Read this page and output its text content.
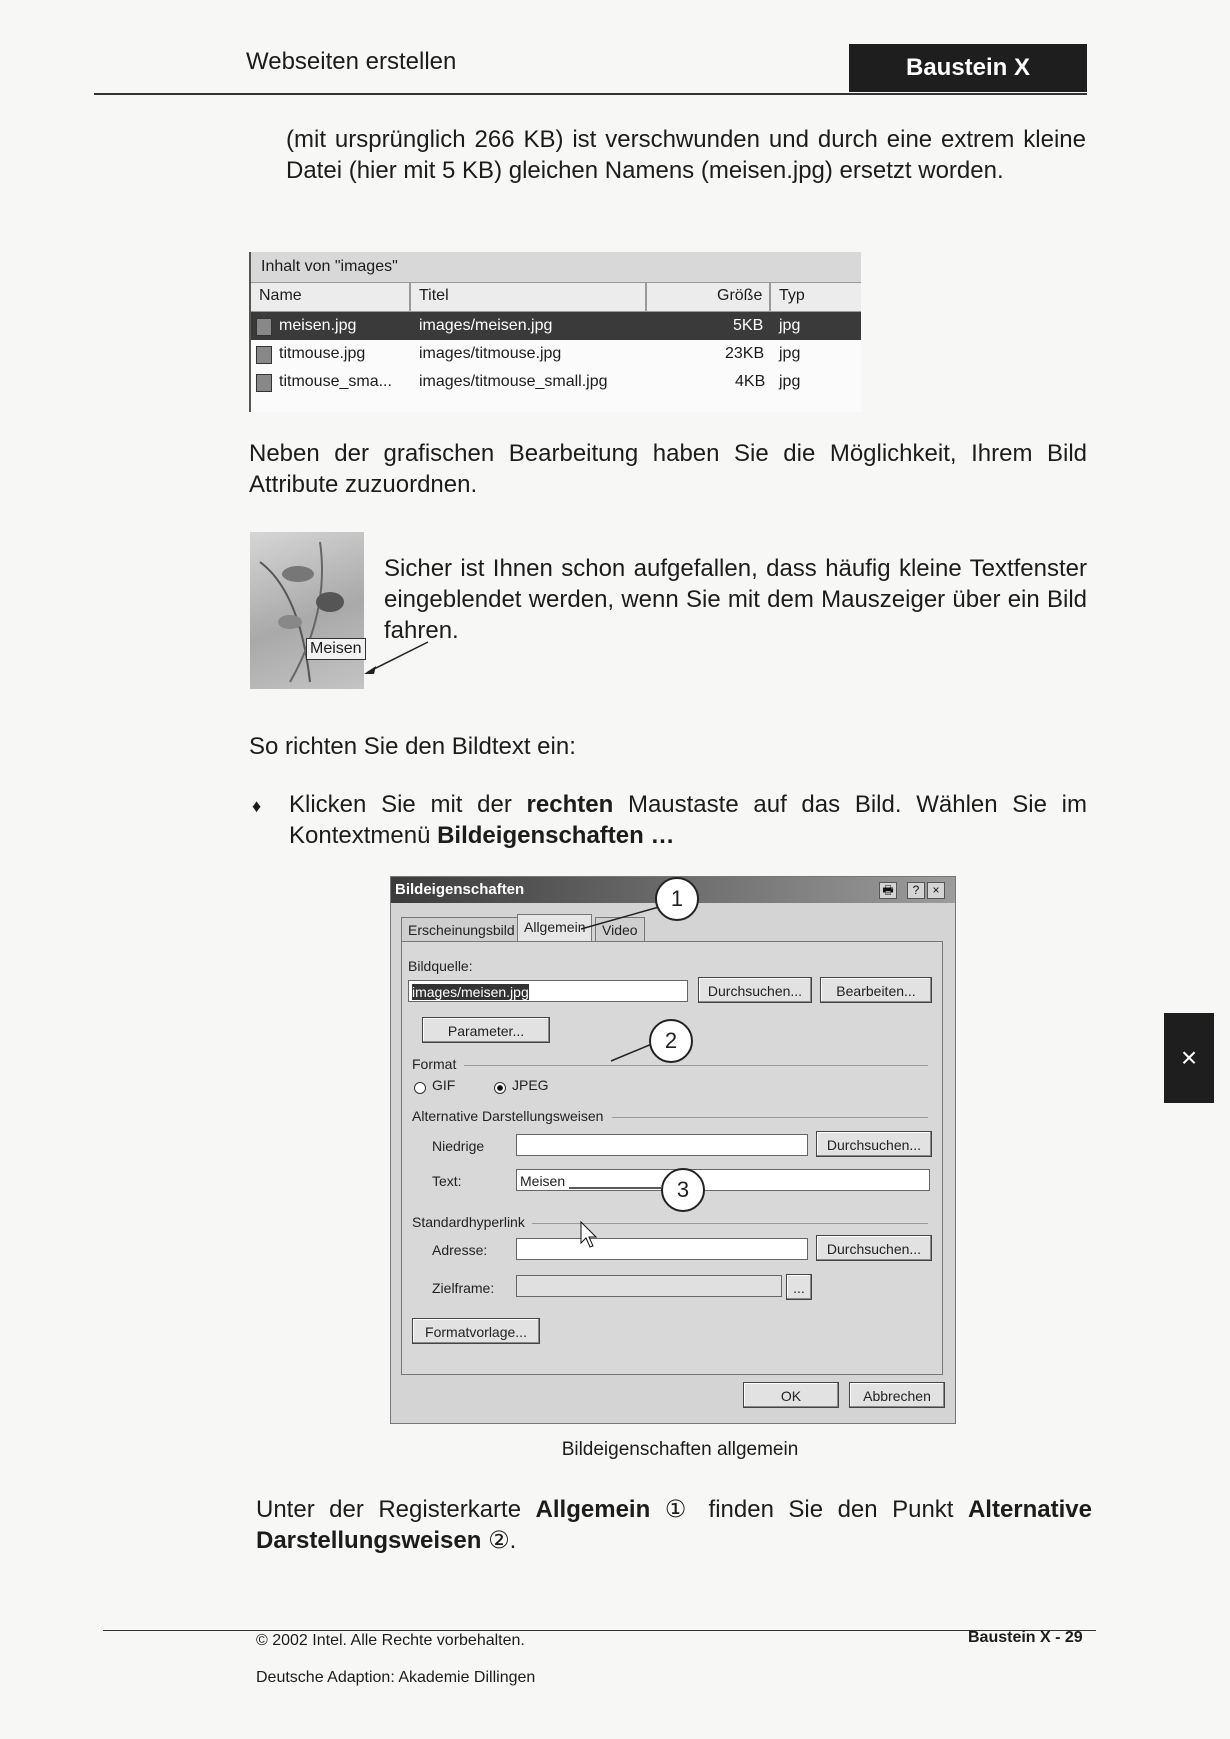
Webseiten erstellen	Baustein X

(mit ursprünglich 266 KB) ist verschwunden und durch eine extrem kleine Datei (hier mit 5 KB) gleichen Namens (meisen.jpg) ersetzt worden.

Inhalt von "images"
Name	Titel	Größe Typ
meisen.jpg	images/meisen.jpg	5KB jpg
titmouse.jpg	images/titmouse.jpg	23KB jpg
titmouse_sma... images/titmouse_small.jpg	4KB jpg

Neben der grafischen Bearbeitung haben Sie die Möglichkeit, Ihrem Bild Attribute zuzuordnen.

Meisen

Sicher ist Ihnen schon aufgefallen, dass häufig kleine Textfenster eingeblendet werden, wenn Sie mit dem Mauszeiger über ein Bild fahren.

So richten Sie den Bildtext ein:

♦ Klicken Sie mit der rechten Maustaste auf das Bild. Wählen Sie im Kontextmenü Bildeigenschaften …

Bildeigenschaften	🖶	?	×
Erscheinungsbild Allgemein	Video
Bildquelle:
images/meisen.jpg	Durchsuchen...	Bearbeiten...
Parameter...
Format
GIF	JPEG
Alternative Darstellungsweisen
Niedrige	Durchsuchen...
Text:	Meisen
Standardhyperlink
Adresse:	Durchsuchen...
Zielframe:	...
Formatvorlage...
OK	Abbrechen
1
2
3
Bildeigenschaften allgemein

Unter der Registerkarte Allgemein ① finden Sie den Punkt Alternative Darstellungsweisen ②.

© 2002 Intel. Alle Rechte vorbehalten.
Deutsche Adaption: Akademie Dillingen
Baustein X - 29
×
